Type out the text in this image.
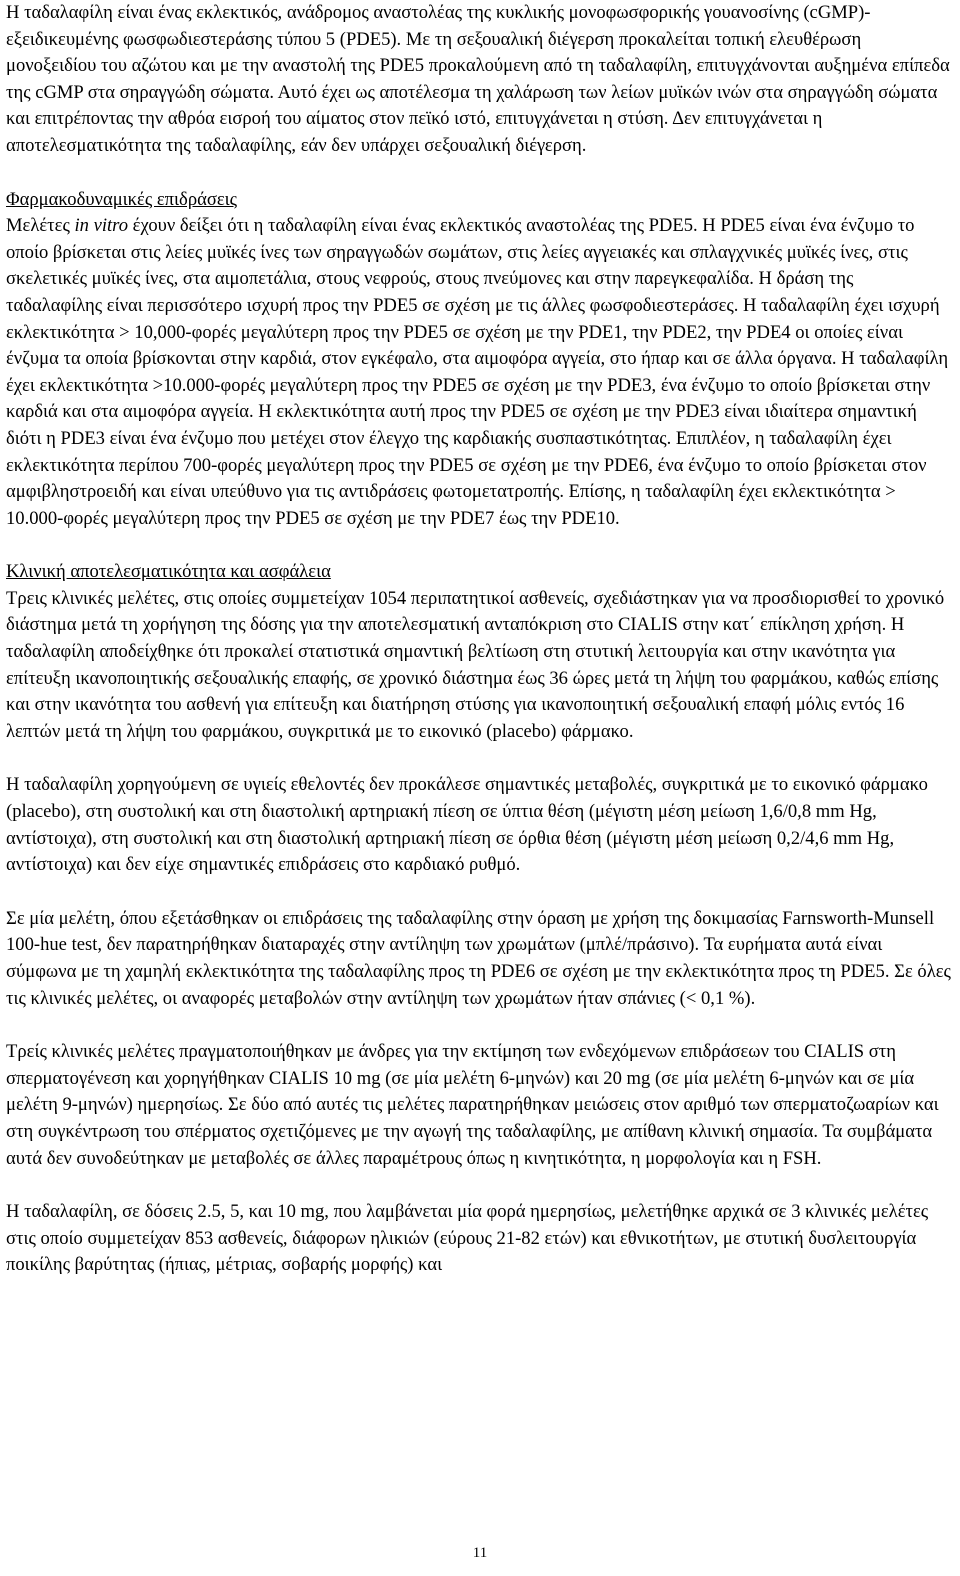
Η ταδαλαφίλη είναι ένας εκλεκτικός, ανάδρομος αναστολέας της κυκλικής μονοφωσφορικής γουανοσίνης (cGMP)-εξειδικευμένης φωσφωδιεστεράσης τύπου 5 (PDE5). Με τη σεξουαλική διέγερση προκαλείται τοπική ελευθέρωση μονοξειδίου του αζώτου και με την αναστολή της PDE5 προκαλούμενη από τη ταδαλαφίλη, επιτυγχάνονται αυξημένα επίπεδα της cGMP στα σηραγγώδη σώματα. Αυτό έχει ως αποτέλεσμα τη χαλάρωση των λείων μυϊκών ινών στα σηραγγώδη σώματα και επιτρέποντας την αθρόα εισροή του αίματος στον πεϊκό ιστό, επιτυγχάνεται η στύση. Δεν επιτυγχάνεται η αποτελεσματικότητα της ταδαλαφίλης, εάν δεν υπάρχει σεξουαλική διέγερση.

Φαρμακοδυναμικές επιδράσεις

Μελέτες in vitro έχουν δείξει ότι η ταδαλαφίλη είναι ένας εκλεκτικός αναστολέας της PDE5. Η PDE5 είναι ένα ένζυμο το οποίο βρίσκεται στις λείες μυϊκές ίνες των σηραγγωδών σωμάτων, στις λείες αγγειακές και σπλαγχνικές μυϊκές ίνες, στις σκελετικές μυϊκές ίνες, στα αιμοπετάλια, στους νεφρούς, στους πνεύμονες και στην παρεγκεφαλίδα. Η δράση της ταδαλαφίλης είναι περισσότερο ισχυρή προς την PDE5 σε σχέση με τις άλλες φωσφοδιεστεράσες. Η ταδαλαφίλη έχει ισχυρή εκλεκτικότητα > 10,000-φορές μεγαλύτερη προς την PDE5 σε σχέση με την PDE1, την PDE2, την PDE4 οι οποίες είναι ένζυμα τα οποία βρίσκονται στην καρδιά, στον εγκέφαλο, στα αιμοφόρα αγγεία, στο ήπαρ και σε άλλα όργανα. Η ταδαλαφίλη έχει εκλεκτικότητα >10.000-φορές μεγαλύτερη προς την PDE5 σε σχέση με την PDE3, ένα ένζυμο το οποίο βρίσκεται στην καρδιά και στα αιμοφόρα αγγεία. Η εκλεκτικότητα αυτή προς την PDE5 σε σχέση με την PDE3 είναι ιδιαίτερα σημαντική διότι η PDE3 είναι ένα ένζυμο που μετέχει στον έλεγχο της καρδιακής συσπαστικότητας. Επιπλέον, η ταδαλαφίλη έχει εκλεκτικότητα περίπου 700-φορές μεγαλύτερη προς την PDE5 σε σχέση με την PDE6, ένα ένζυμο το οποίο βρίσκεται στον αμφιβληστροειδή και είναι υπεύθυνο για τις αντιδράσεις φωτομετατροπής. Επίσης, η ταδαλαφίλη έχει εκλεκτικότητα > 10.000-φορές μεγαλύτερη προς την PDE5 σε σχέση με την PDE7 έως την PDE10.

Κλινική αποτελεσματικότητα και ασφάλεια

Τρεις κλινικές μελέτες, στις οποίες συμμετείχαν 1054 περιπατητικοί ασθενείς, σχεδιάστηκαν για να προσδιορισθεί το χρονικό διάστημα μετά τη χορήγηση της δόσης για την αποτελεσματική ανταπόκριση στο CIALIS στην κατ΄ επίκληση χρήση. Η ταδαλαφίλη αποδείχθηκε ότι προκαλεί στατιστικά σημαντική βελτίωση στη στυτική λειτουργία και στην ικανότητα για επίτευξη ικανοποιητικής σεξουαλικής επαφής, σε χρονικό διάστημα έως 36 ώρες μετά τη λήψη του φαρμάκου, καθώς επίσης και στην ικανότητα του ασθενή για επίτευξη και διατήρηση στύσης για ικανοποιητική σεξουαλική επαφή μόλις εντός 16 λεπτών μετά τη λήψη του φαρμάκου, συγκριτικά με το εικονικό (placebo) φάρμακο.

Η ταδαλαφίλη χορηγούμενη σε υγιείς εθελοντές δεν προκάλεσε σημαντικές μεταβολές, συγκριτικά με το εικονικό φάρμακο (placebo), στη συστολική και στη διαστολική αρτηριακή πίεση σε ύπτια θέση (μέγιστη μέση μείωση 1,6/0,8 mm Hg, αντίστοιχα), στη συστολική και στη διαστολική αρτηριακή πίεση σε όρθια θέση (μέγιστη μέση μείωση 0,2/4,6 mm Hg, αντίστοιχα) και δεν είχε σημαντικές επιδράσεις στο καρδιακό ρυθμό.

Σε μία μελέτη, όπου εξετάσθηκαν οι επιδράσεις της ταδαλαφίλης στην όραση με χρήση της δοκιμασίας Farnsworth-Munsell 100-hue test, δεν παρατηρήθηκαν διαταραχές στην αντίληψη των χρωμάτων (μπλέ/πράσινο). Τα ευρήματα αυτά είναι σύμφωνα με τη χαμηλή εκλεκτικότητα της ταδαλαφίλης προς τη PDE6 σε σχέση με την εκλεκτικότητα προς τη PDE5. Σε όλες τις κλινικές μελέτες, οι αναφορές μεταβολών στην αντίληψη των χρωμάτων ήταν σπάνιες (< 0,1 %).

Τρείς κλινικές μελέτες πραγματοποιήθηκαν με άνδρες για την εκτίμηση των ενδεχόμενων επιδράσεων του CIALIS στη σπερματογένεση και χορηγήθηκαν CIALIS 10 mg (σε μία μελέτη 6-μηνών) και 20 mg (σε μία μελέτη 6-μηνών και σε μία μελέτη 9-μηνών) ημερησίως. Σε δύο από αυτές τις μελέτες παρατηρήθηκαν μειώσεις στον αριθμό των σπερματοζωαρίων και στη συγκέντρωση του σπέρματος σχετιζόμενες με την αγωγή της ταδαλαφίλης, με απίθανη κλινική σημασία. Τα συμβάματα αυτά δεν συνοδεύτηκαν με μεταβολές σε άλλες παραμέτρους όπως η κινητικότητα, η μορφολογία και η FSH.

Η ταδαλαφίλη, σε δόσεις 2.5, 5, και 10 mg, που λαμβάνεται μία φορά ημερησίως, μελετήθηκε αρχικά σε 3 κλινικές μελέτες στις οποίο συμμετείχαν 853 ασθενείς, διάφορων ηλικιών (εύρους 21-82 ετών) και εθνικοτήτων, με στυτική δυσλειτουργία ποικίλης βαρύτητας (ήπιας, μέτριας, σοβαρής μορφής) και

11
